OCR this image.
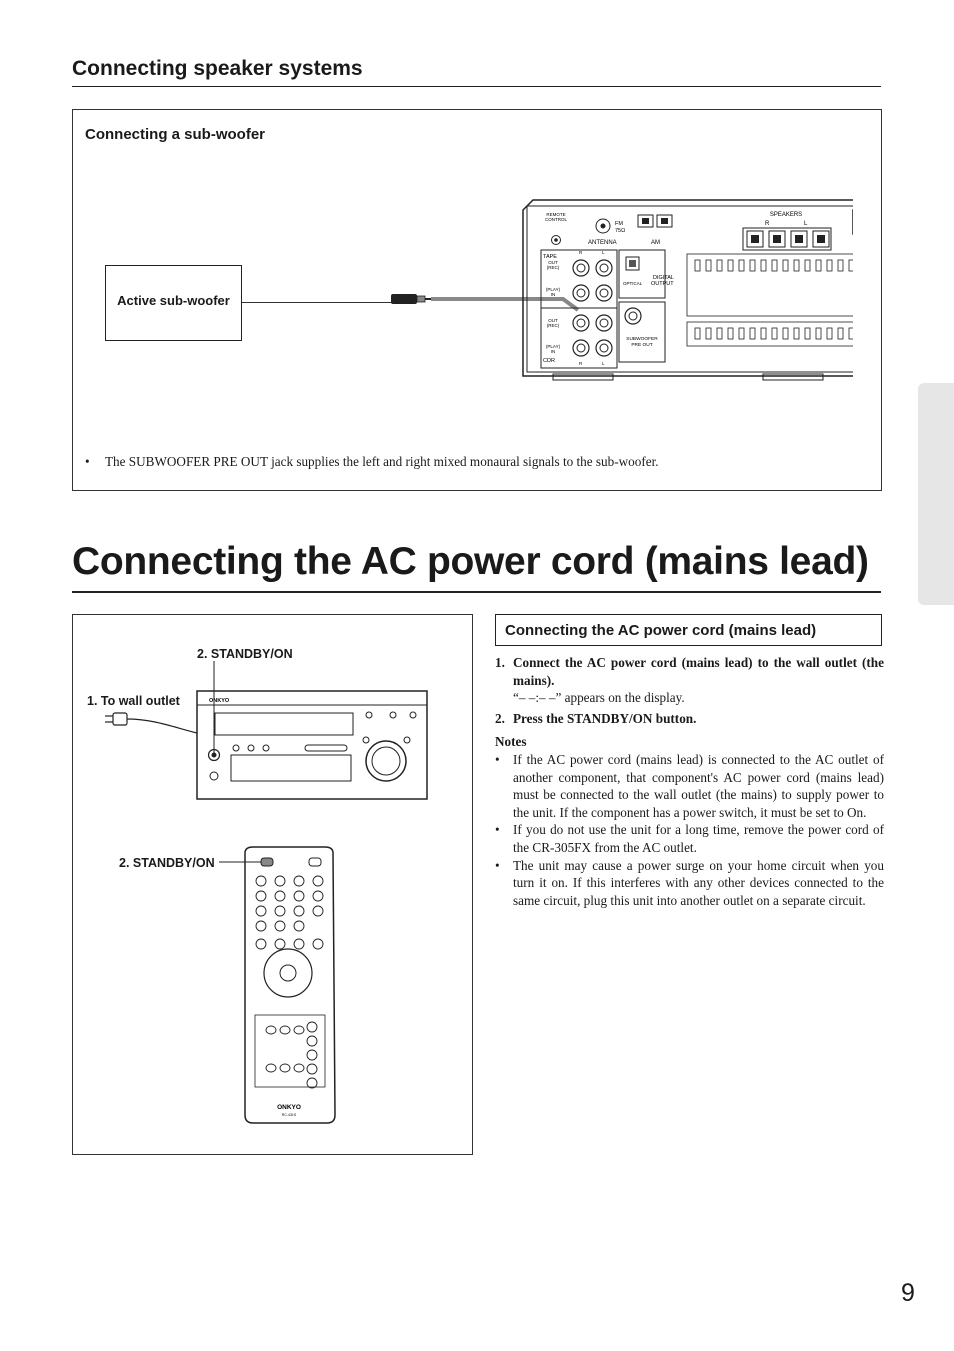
Connecting speaker systems
Connecting a sub-woofer
Active sub-woofer
REMOTE
CONTROL
FM
75Ω
ANTENNA	AM
SPEAKERS
R	L
TAPE
R	L
OUT
(REC)
(PLAY)
IN
OUT
(REC)
(PLAY)
IN
CDR	R	L
OPTICAL
DIGITAL
OUTPUT
SUBWOOFER
PRE OUT
• The SUBWOOFER PRE OUT jack supplies the left and right mixed monaural signals to the sub-woofer.
Connecting the AC power cord (mains lead)
2. STANDBY/ON
1. To wall outlet
2. STANDBY/ON
ONKYO
ONKYO
RC-431S
Connecting the AC power cord (mains lead)
1. Connect the AC power cord (mains lead) to the wall outlet (the mains).
“– –:– –” appears on the display.
2. Press the STANDBY/ON button.
Notes
• If the AC power cord (mains lead) is connected to the AC outlet of another component, that component's AC power cord (mains lead) must be connected to the wall outlet (the mains) to supply power to the unit. If the component has a power switch, it must be set to On.
• If you do not use the unit for a long time, remove the power cord of the CR-305FX from the AC outlet.
• The unit may cause a power surge on your home circuit when you turn it on. If this interferes with any other devices connected to the same circuit, plug this unit into another outlet on a separate circuit.
9
